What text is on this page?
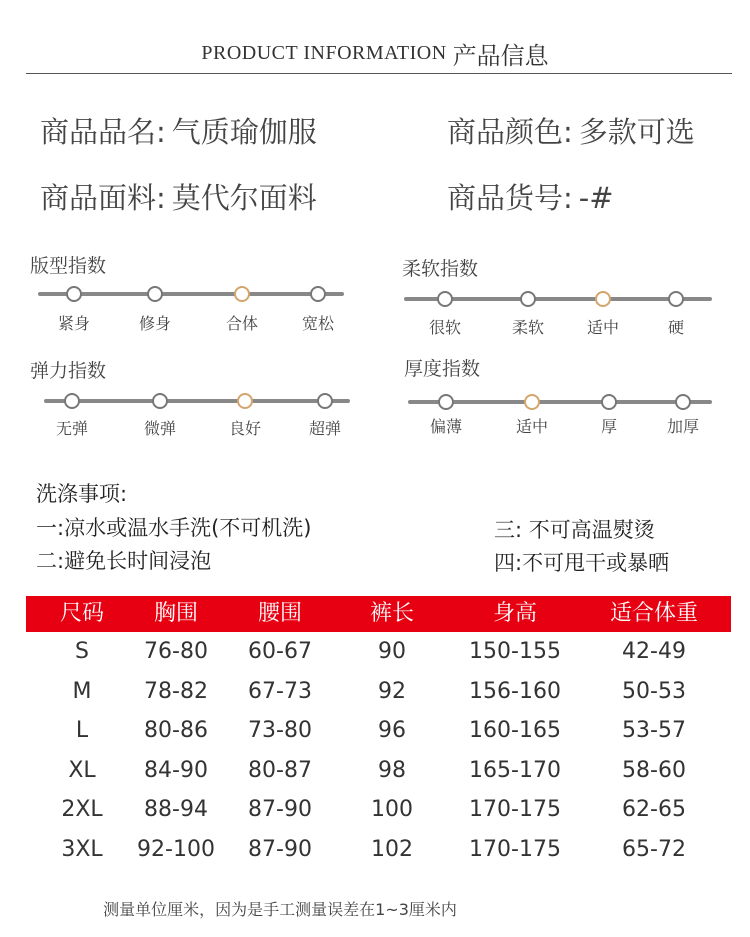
PRODUCT INFORMATION 产品信息
商品品名: 气质瑜伽服	商品颜色: 多款可选
商品面料: 莫代尔面料	商品货号: -#
版型指数
紧身	修身	合体	宽松
柔软指数
很软	柔软	适中	硬
弹力指数
无弹	微弹	良好	超弹
厚度指数
偏薄	适中	厚	加厚
洗涤事项:
一:凉水或温水手洗(不可机洗)
二:避免长时间浸泡
三: 不可高温熨烫
四:不可甩干或暴晒
尺码	胸围	腰围	裤长	身高	适合体重
S	76-80	60-67	90	150-155	42-49
M	78-82	67-73	92	156-160	50-53
L	80-86	73-80	96	160-165	53-57
XL	84-90	80-87	98	165-170	58-60
2XL	88-94	87-90	100	170-175	62-65
3XL	92-100	87-90	102	170-175	65-72
测量单位厘米，因为是手工测量误差在1~3厘米内
